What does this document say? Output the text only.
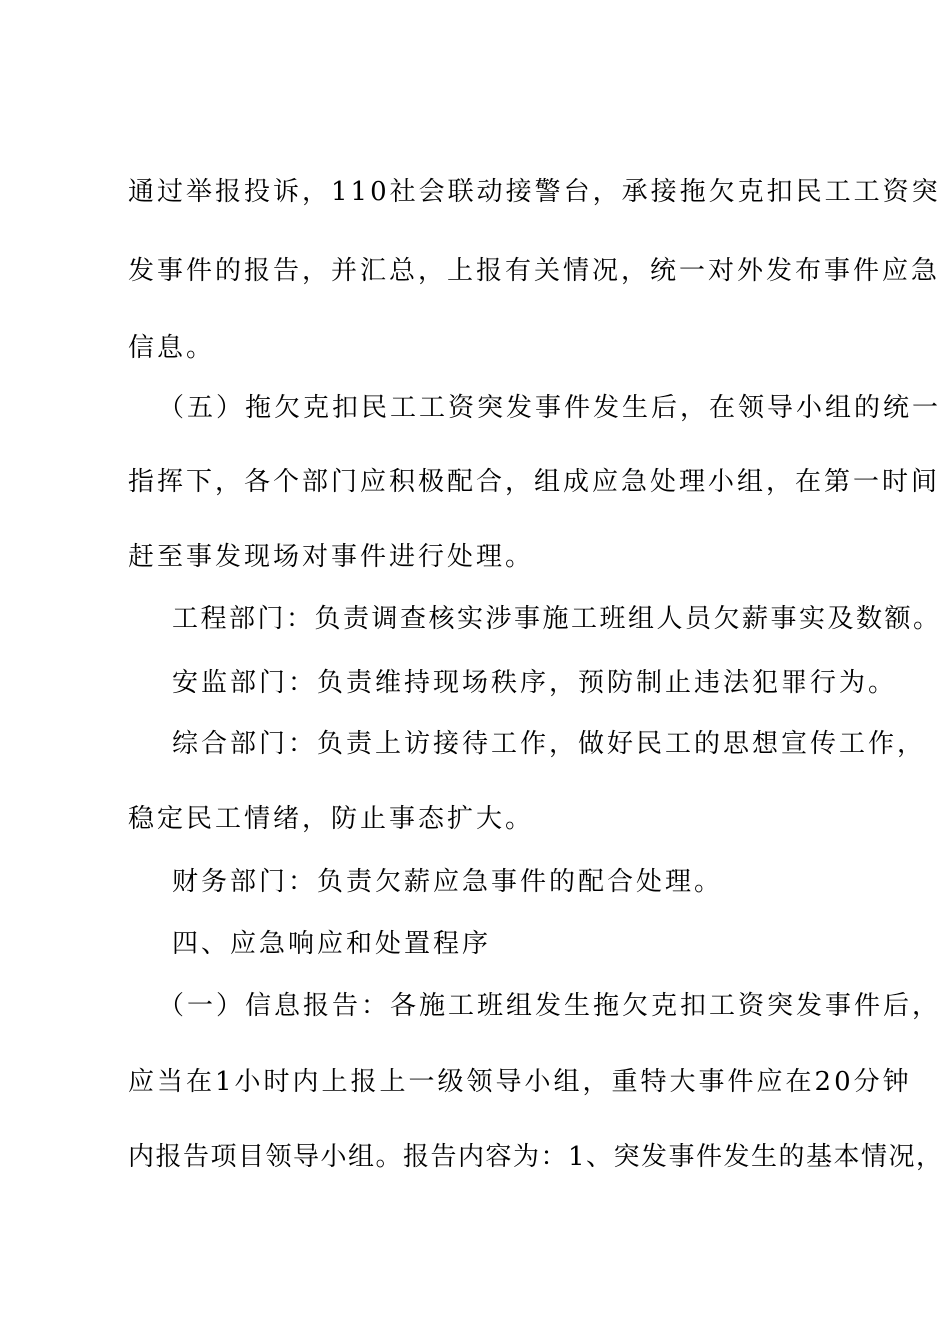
通过举报投诉，110社会联动接警台，承接拖欠克扣民工工资突
发事件的报告，并汇总，上报有关情况，统一对外发布事件应急
信息。
（五）拖欠克扣民工工资突发事件发生后，在领导小组的统一
指挥下，各个部门应积极配合，组成应急处理小组，在第一时间
赶至事发现场对事件进行处理。
工程部门：负责调查核实涉事施工班组人员欠薪事实及数额。
安监部门：负责维持现场秩序，预防制止违法犯罪行为。
综合部门：负责上访接待工作，做好民工的思想宣传工作，
稳定民工情绪，防止事态扩大。
财务部门：负责欠薪应急事件的配合处理。
四、应急响应和处置程序
（一）信息报告：各施工班组发生拖欠克扣工资突发事件后，
应当在1小时内上报上一级领导小组，重特大事件应在20分钟
内报告项目领导小组。报告内容为：1、突发事件发生的基本情况，
